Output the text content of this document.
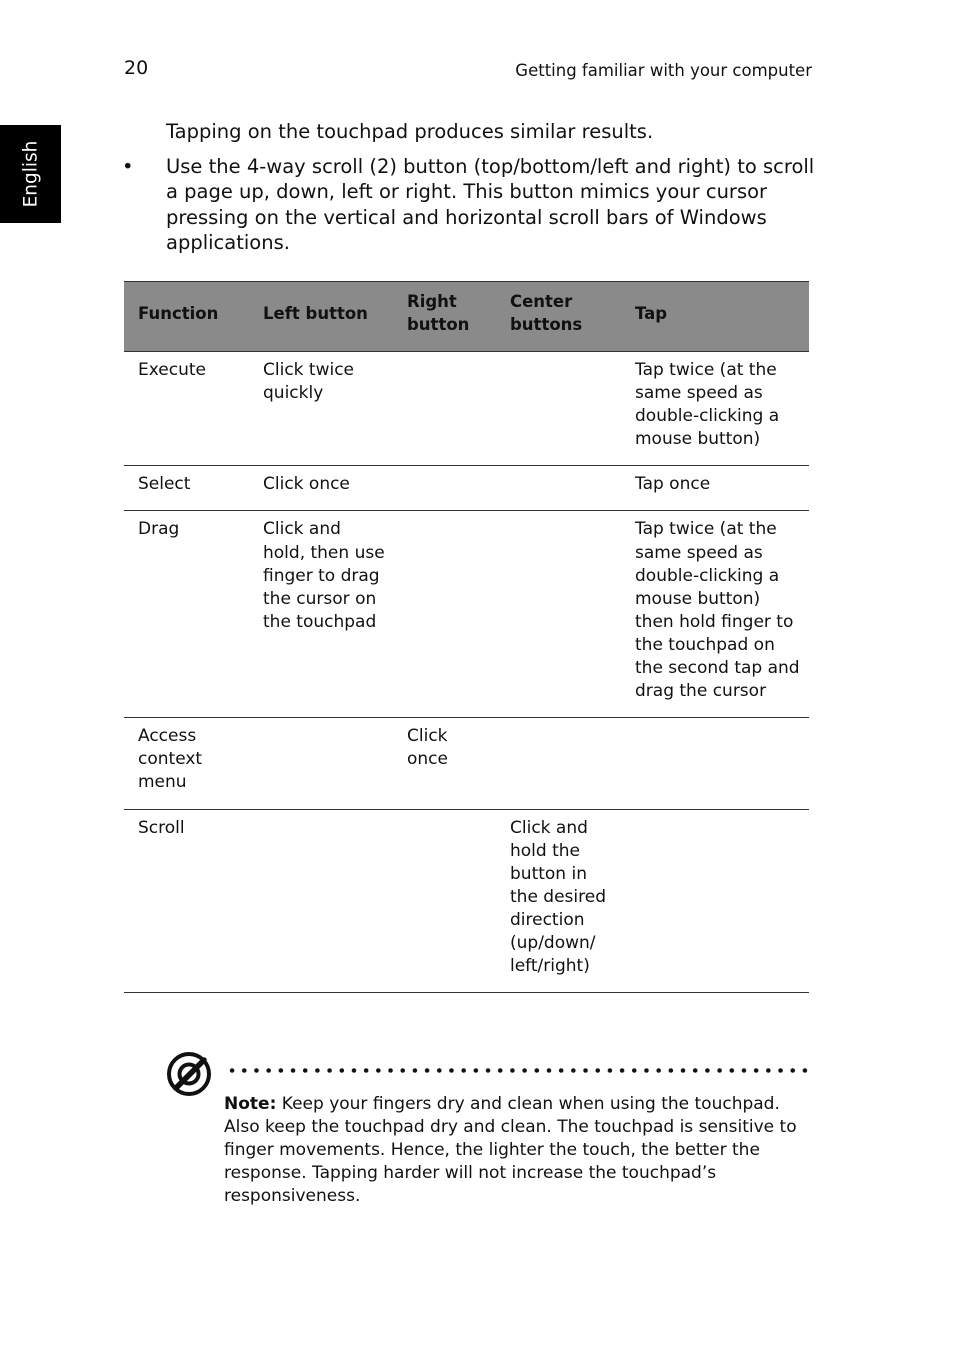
20	Getting familiar with your computer
English
Tapping on the touchpad produces similar results.
• Use the 4-way scroll (2) button (top/bottom/left and right) to scroll a page up, down, left or right. This button mimics your cursor pressing on the vertical and horizontal scroll bars of Windows applications.
Function	Left button	Right button	Center buttons	Tap
Execute	Click twice quickly			Tap twice (at the same speed as double-clicking a mouse button)
Select	Click once			Tap once
Drag	Click and hold, then use finger to drag the cursor on the touchpad			Tap twice (at the same speed as double-clicking a mouse button) then hold finger to the touchpad on the second tap and drag the cursor
Access context menu		Click once		
Scroll			Click and hold the button in the desired direction (up/down/ left/right)	
Note: Keep your fingers dry and clean when using the touchpad. Also keep the touchpad dry and clean. The touchpad is sensitive to finger movements. Hence, the lighter the touch, the better the response. Tapping harder will not increase the touchpad’s responsiveness.
